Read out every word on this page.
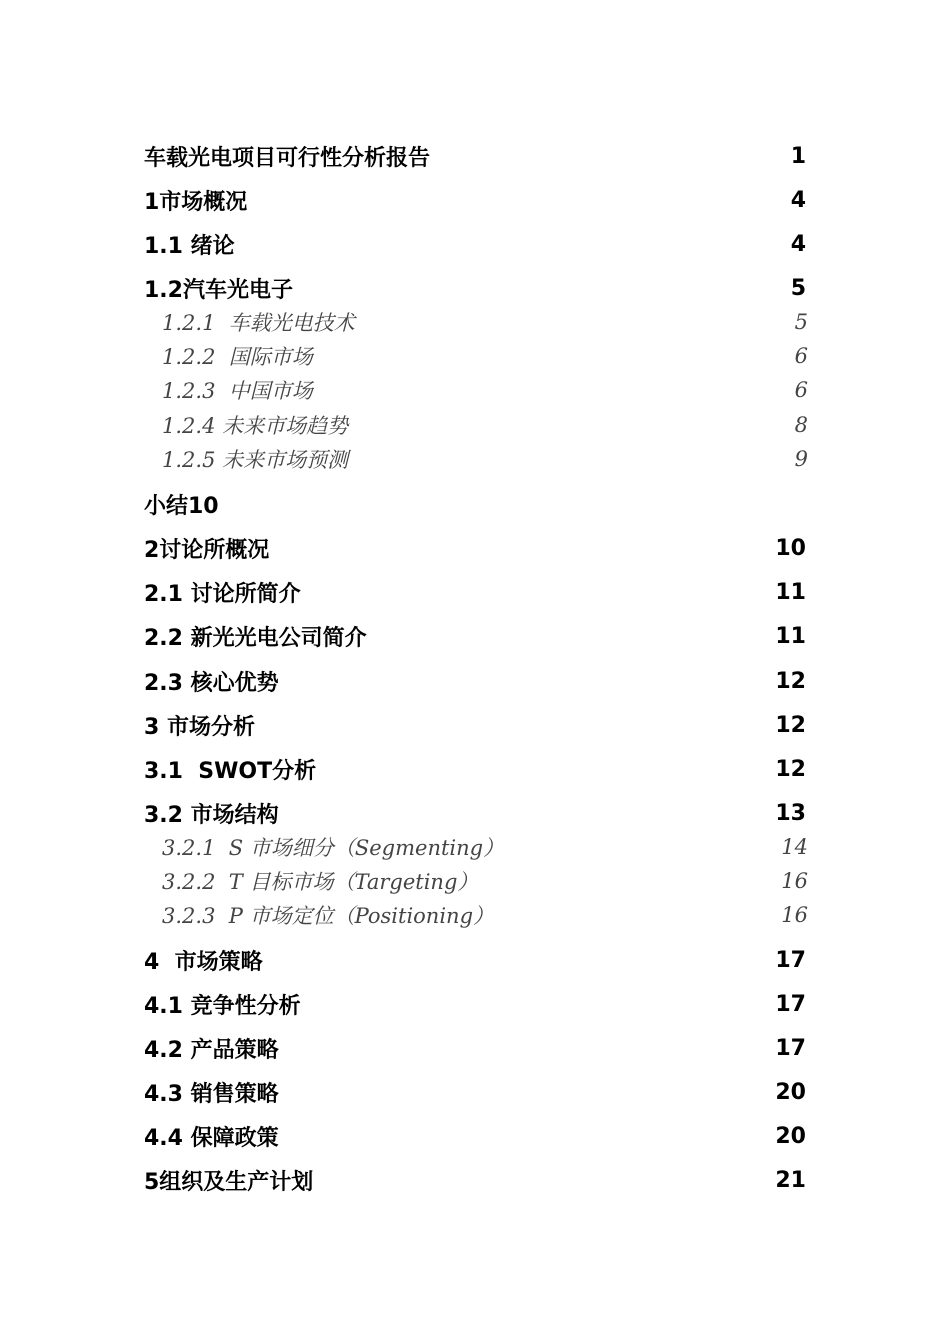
车载光电项目可行性分析报告	1
1市场概况	4
1.1 绪论	4
1.2汽车光电子	5
1.2.1  车载光电技术	5
1.2.2  国际市场	6
1.2.3  中国市场	6
1.2.4 未来市场趋势	8
1.2.5 未来市场预测	9
小结10
2讨论所概况	10
2.1 讨论所简介	11
2.2 新光光电公司简介	11
2.3 核心优势	12
3 市场分析	12
3.1  SWOT分析	12
3.2 市场结构	13
3.2.1  S 市场细分（Segmenting）	14
3.2.2  T 目标市场（Targeting）	16
3.2.3  P 市场定位（Positioning）	16
4  市场策略	17
4.1 竞争性分析	17
4.2 产品策略	17
4.3 销售策略	20
4.4 保障政策	20
5组织及生产计划	21
